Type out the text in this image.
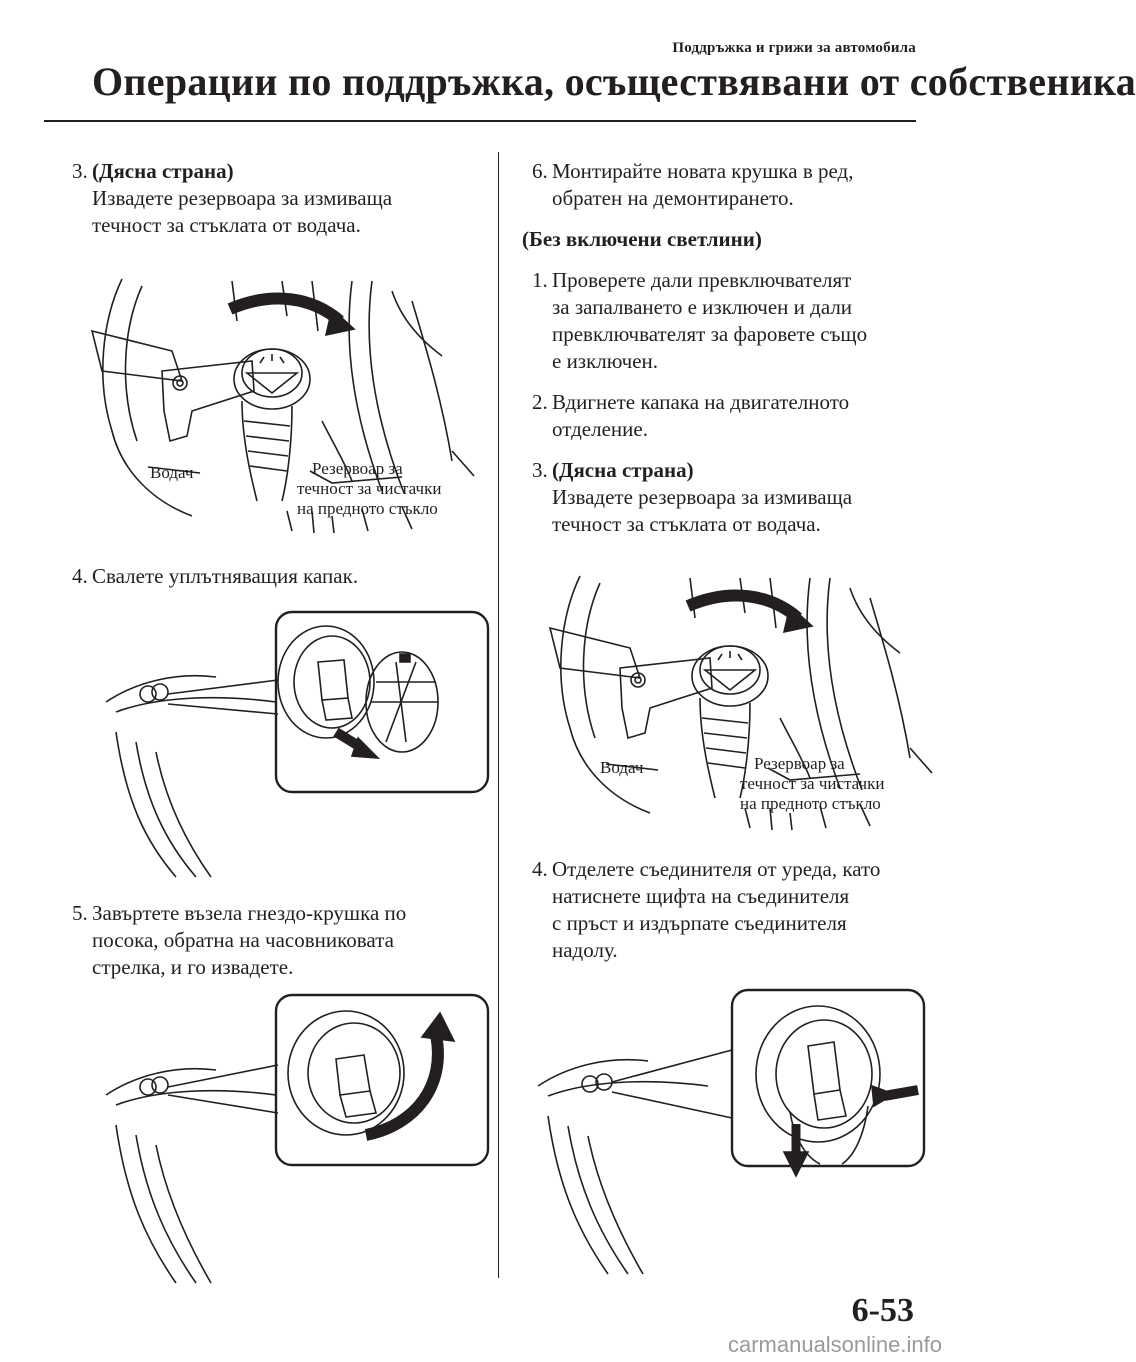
Поддръжка и грижи за автомобила
Операции по поддръжка, осъществявани от собственика
3. (Дясна страна)
Извадете резервоара за измиваща
течност за стъклата от водача.
Водач	Резервоар за
течност за чистачки
на предното стъкло
4. Свалете уплътняващия капак.
5. Завъртете възела гнездо-крушка по
посока, обратна на часовниковата
стрелка, и го извадете.
6. Монтирайте новата крушка в ред,
обратен на демонтирането.
(Без включени светлини)
1. Проверете дали превключвателят
за запалването е изключен и дали
превключвателят за фаровете също
е изключен.
2. Вдигнете капака на двигателното
отделение.
3. (Дясна страна)
Извадете резервоара за измиваща
течност за стъклата от водача.
Водач	Резервоар за
течност за чистачки
на предното стъкло
4. Отделете съединителя от уреда, като
натиснете щифта на съединителя
с пръст и издърпате съединителя
надолу.
6-53
carmanualsonline.info
